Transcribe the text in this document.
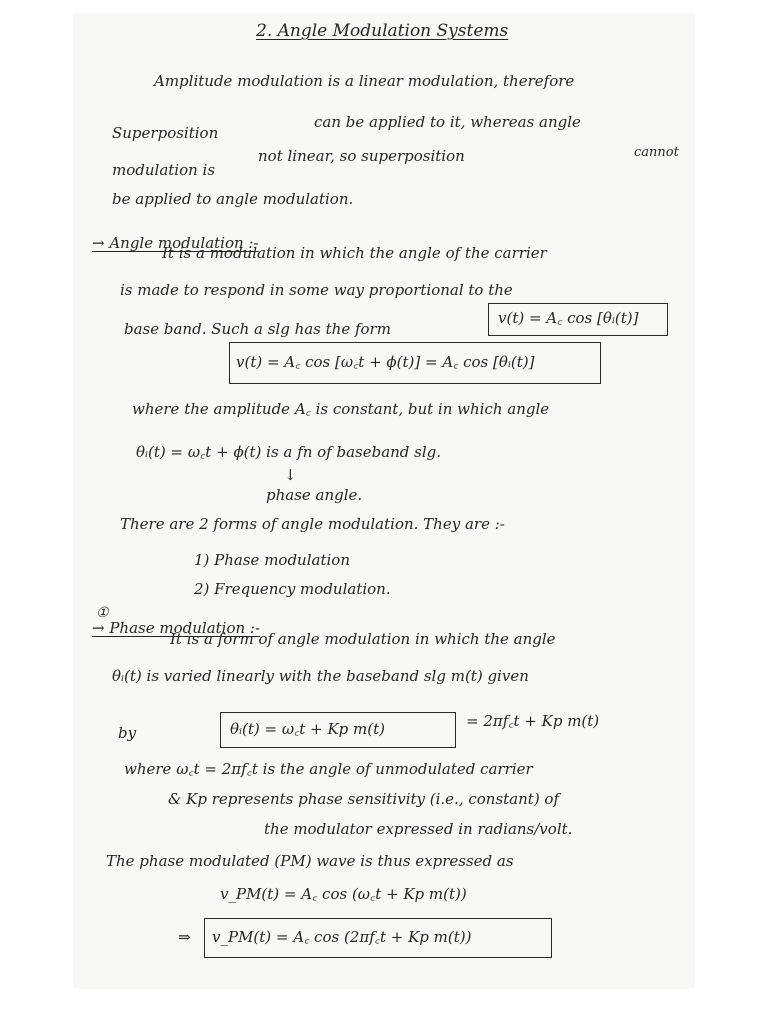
2. Angle Modulation Systems
Amplitude modulation is a linear modulation, therefore
Superposition
can be applied to it, whereas angle
modulation is
not linear, so superposition	cannot
be applied to angle modulation.
→ Angle modulation :-
It is a modulation in which the angle of the carrier
is made to respond in some way proportional to the
base band. Such a slg has the form
v(t) = A꜀ cos [θᵢ(t)]
v(t) = A꜀ cos [ω꜀t + ϕ(t)] = A꜀ cos [θᵢ(t)]
where the amplitude A꜀ is constant, but in which angle
θᵢ(t) = ω꜀t + ϕ(t) is a fn of baseband slg.
↓
phase angle.
There are 2 forms of angle modulation. They are :-
1) Phase modulation
2) Frequency modulation.
①
→ Phase modulation :-
It is a form of angle modulation in which the angle
θᵢ(t) is varied linearly with the baseband slg m(t) given
by	θᵢ(t) = ω꜀t + Kp m(t)	= 2πf꜀t + Kp m(t)
where ω꜀t = 2πf꜀t is the angle of unmodulated carrier
& Kp represents phase sensitivity (i.e., constant) of
the modulator expressed in radians/volt.
The phase modulated (PM) wave is thus expressed as
v_PM(t) = A꜀ cos (ω꜀t + Kp m(t))
⇒ v_PM(t) = A꜀ cos (2πf꜀t + Kp m(t))
